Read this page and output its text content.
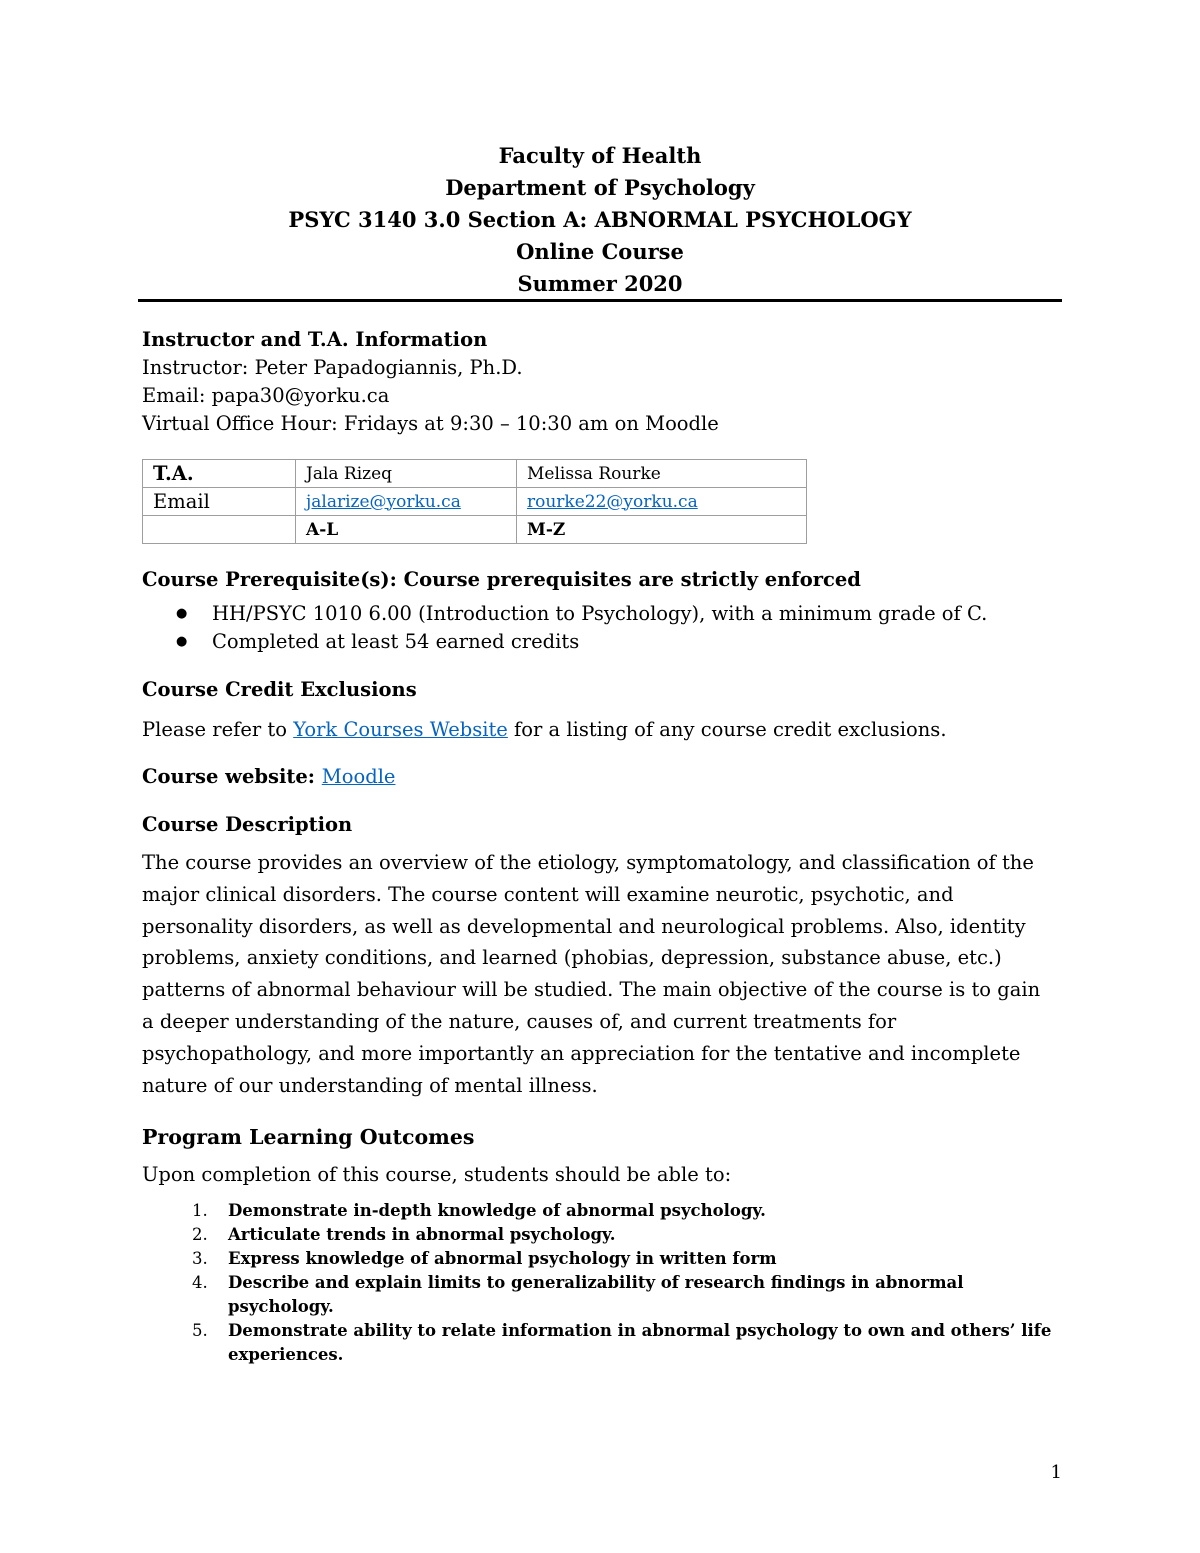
Faculty of Health
Department of Psychology
PSYC 3140 3.0 Section A: ABNORMAL PSYCHOLOGY
Online Course
Summer 2020
Instructor and T.A. Information
Instructor: Peter Papadogiannis, Ph.D.
Email: papa30@yorku.ca
Virtual Office Hour: Fridays at 9:30 – 10:30 am on Moodle
T.A.	Jala Rizeq	Melissa Rourke
Email	jalarize@yorku.ca	rourke22@yorku.ca
	A-L	M-Z
Course Prerequisite(s): Course prerequisites are strictly enforced
● HH/PSYC 1010 6.00 (Introduction to Psychology), with a minimum grade of C.
● Completed at least 54 earned credits
Course Credit Exclusions
Please refer to York Courses Website for a listing of any course credit exclusions.
Course website: Moodle
Course Description
The course provides an overview of the etiology, symptomatology, and classification of the
major clinical disorders. The course content will examine neurotic, psychotic, and
personality disorders, as well as developmental and neurological problems. Also, identity
problems, anxiety conditions, and learned (phobias, depression, substance abuse, etc.)
patterns of abnormal behaviour will be studied. The main objective of the course is to gain
a deeper understanding of the nature, causes of, and current treatments for
psychopathology, and more importantly an appreciation for the tentative and incomplete
nature of our understanding of mental illness.
Program Learning Outcomes
Upon completion of this course, students should be able to:
1. Demonstrate in-depth knowledge of abnormal psychology.
2. Articulate trends in abnormal psychology.
3. Express knowledge of abnormal psychology in written form
4. Describe and explain limits to generalizability of research findings in abnormal psychology.
5. Demonstrate ability to relate information in abnormal psychology to own and others’ life experiences.
1
